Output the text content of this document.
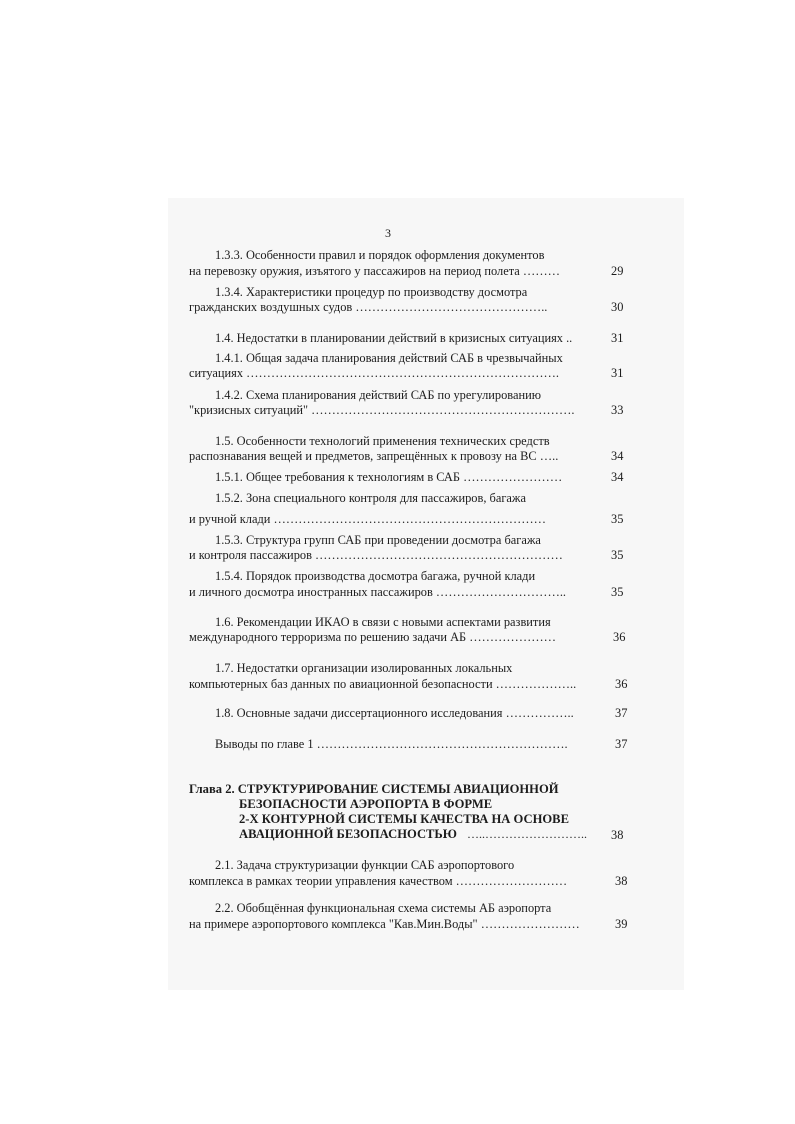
3
1.3.3. Особенности правил и порядок оформления документов
на перевозку оружия, изъятого у пассажиров на период полета ………	29
1.3.4. Характеристики процедур по производству досмотра
гражданских воздушных судов ………………………………………..	30
1.4. Недостатки в планировании действий в кризисных ситуациях ..	31
1.4.1. Общая задача планирования действий САБ в чрезвычайных
ситуациях ………………………………………………………………….	31
1.4.2. Схема планирования действий САБ по урегулированию
"кризисных ситуаций" ……………………………………………………….	33
1.5. Особенности технологий применения технических средств
распознавания вещей и предметов, запрещённых к провозу на ВС …..	34
1.5.1. Общее требования к технологиям в САБ ……………………	34
1.5.2. Зона специального контроля для пассажиров, багажа
и ручной клади …………………………………………………………	35
1.5.3. Структура групп САБ при проведении досмотра багажа
и контроля пассажиров ……………………………………………………	35
1.5.4. Порядок производства досмотра багажа, ручной клади
и личного досмотра иностранных пассажиров …………………………..	35
1.6. Рекомендации ИКАО в связи с новыми аспектами развития
международного терроризма по решению задачи АБ …………………	36
1.7. Недостатки организации изолированных локальных
компьютерных баз данных по авиационной безопасности ………………..	36
1.8. Основные задачи диссертационного исследования ……………..	37
Выводы по главе 1 …………………………………………………….	37
Глава 2. СТРУКТУРИРОВАНИЕ СИСТЕМЫ АВИАЦИОННОЙ
БЕЗОПАСНОСТИ АЭРОПОРТА В ФОРМЕ
2-Х КОНТУРНОЙ СИСТЕМЫ КАЧЕСТВА НА ОСНОВЕ
АВАЦИОННОЙ БЕЗОПАСНОСТЬЮ …..…………………….. 38
2.1. Задача структуризации функции САБ аэропортового
комплекса в рамках теории управления качеством ………………………	38
2.2. Обобщённая функциональная схема системы АБ аэропорта
на примере аэропортового комплекса "Кав.Мин.Воды" ……………………	39
